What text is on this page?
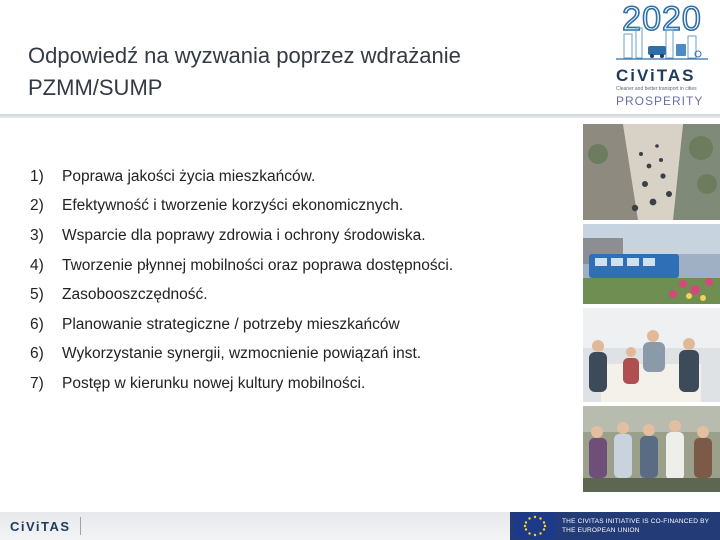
Odpowiedź na wyzwania poprzez wdrażanie PZMM/SUMP
2020
CiViTAS
Cleaner and better transport in cities
PROSPERITY
1)	Poprawa jakości życia mieszkańców.
2)	Efektywność i tworzenie korzyści ekonomicznych.
3)	Wsparcie dla poprawy zdrowia i ochrony środowiska.
4)	Tworzenie płynnej mobilności oraz poprawa dostępności.
5)	Zasobooszczędność.
6)	Planowanie strategiczne / potrzeby mieszkańców
6)	Wykorzystanie synergii, wzmocnienie powiązań inst.
7)	Postęp w kierunku nowej kultury mobilności.
CiViTAS	THE CIVITAS INITIATIVE IS CO-FINANCED BY
THE EUROPEAN UNION
